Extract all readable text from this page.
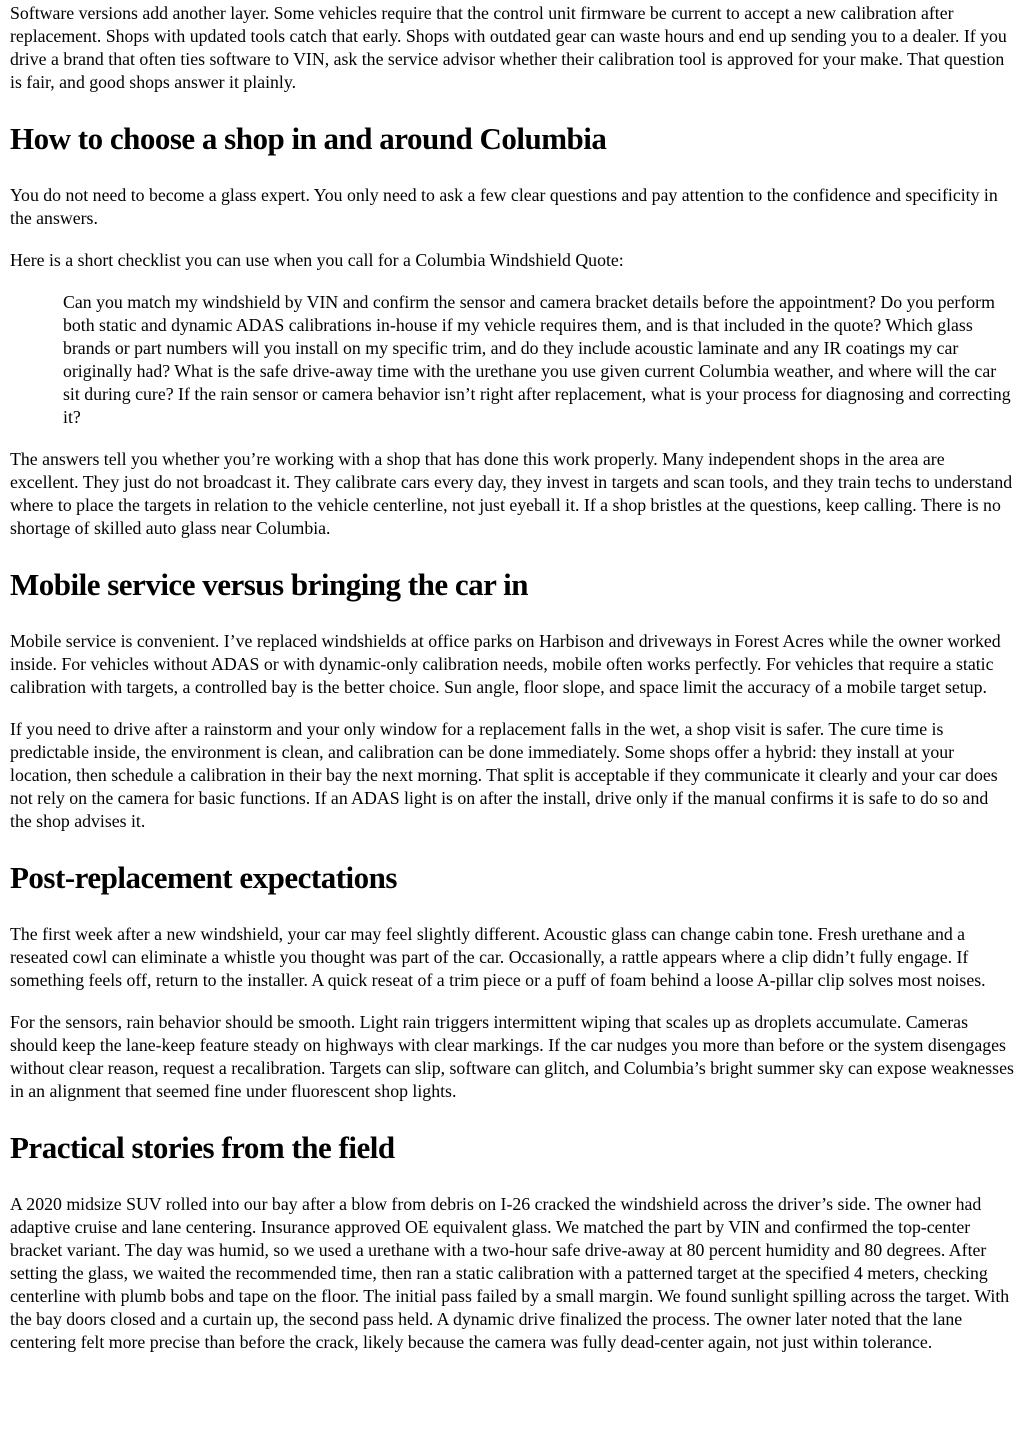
Software versions add another layer. Some vehicles require that the control unit firmware be current to accept a new calibration after replacement. Shops with updated tools catch that early. Shops with outdated gear can waste hours and end up sending you to a dealer. If you drive a brand that often ties software to VIN, ask the service advisor whether their calibration tool is approved for your make. That question is fair, and good shops answer it plainly.

How to choose a shop in and around Columbia

You do not need to become a glass expert. You only need to ask a few clear questions and pay attention to the confidence and specificity in the answers.

Here is a short checklist you can use when you call for a Columbia Windshield Quote:

Can you match my windshield by VIN and confirm the sensor and camera bracket details before the appointment? Do you perform both static and dynamic ADAS calibrations in-house if my vehicle requires them, and is that included in the quote? Which glass brands or part numbers will you install on my specific trim, and do they include acoustic laminate and any IR coatings my car originally had? What is the safe drive-away time with the urethane you use given current Columbia weather, and where will the car sit during cure? If the rain sensor or camera behavior isn’t right after replacement, what is your process for diagnosing and correcting it?

The answers tell you whether you’re working with a shop that has done this work properly. Many independent shops in the area are excellent. They just do not broadcast it. They calibrate cars every day, they invest in targets and scan tools, and they train techs to understand where to place the targets in relation to the vehicle centerline, not just eyeball it. If a shop bristles at the questions, keep calling. There is no shortage of skilled auto glass near Columbia.

Mobile service versus bringing the car in

Mobile service is convenient. I’ve replaced windshields at office parks on Harbison and driveways in Forest Acres while the owner worked inside. For vehicles without ADAS or with dynamic-only calibration needs, mobile often works perfectly. For vehicles that require a static calibration with targets, a controlled bay is the better choice. Sun angle, floor slope, and space limit the accuracy of a mobile target setup.

If you need to drive after a rainstorm and your only window for a replacement falls in the wet, a shop visit is safer. The cure time is predictable inside, the environment is clean, and calibration can be done immediately. Some shops offer a hybrid: they install at your location, then schedule a calibration in their bay the next morning. That split is acceptable if they communicate it clearly and your car does not rely on the camera for basic functions. If an ADAS light is on after the install, drive only if the manual confirms it is safe to do so and the shop advises it.

Post-replacement expectations

The first week after a new windshield, your car may feel slightly different. Acoustic glass can change cabin tone. Fresh urethane and a reseated cowl can eliminate a whistle you thought was part of the car. Occasionally, a rattle appears where a clip didn’t fully engage. If something feels off, return to the installer. A quick reseat of a trim piece or a puff of foam behind a loose A-pillar clip solves most noises.

For the sensors, rain behavior should be smooth. Light rain triggers intermittent wiping that scales up as droplets accumulate. Cameras should keep the lane-keep feature steady on highways with clear markings. If the car nudges you more than before or the system disengages without clear reason, request a recalibration. Targets can slip, software can glitch, and Columbia’s bright summer sky can expose weaknesses in an alignment that seemed fine under fluorescent shop lights.

Practical stories from the field

A 2020 midsize SUV rolled into our bay after a blow from debris on I-26 cracked the windshield across the driver’s side. The owner had adaptive cruise and lane centering. Insurance approved OE equivalent glass. We matched the part by VIN and confirmed the top-center bracket variant. The day was humid, so we used a urethane with a two-hour safe drive-away at 80 percent humidity and 80 degrees. After setting the glass, we waited the recommended time, then ran a static calibration with a patterned target at the specified 4 meters, checking centerline with plumb bobs and tape on the floor. The initial pass failed by a small margin. We found sunlight spilling across the target. With the bay doors closed and a curtain up, the second pass held. A dynamic drive finalized the process. The owner later noted that the lane centering felt more precise than before the crack, likely because the camera was fully dead-center again, not just within tolerance.
